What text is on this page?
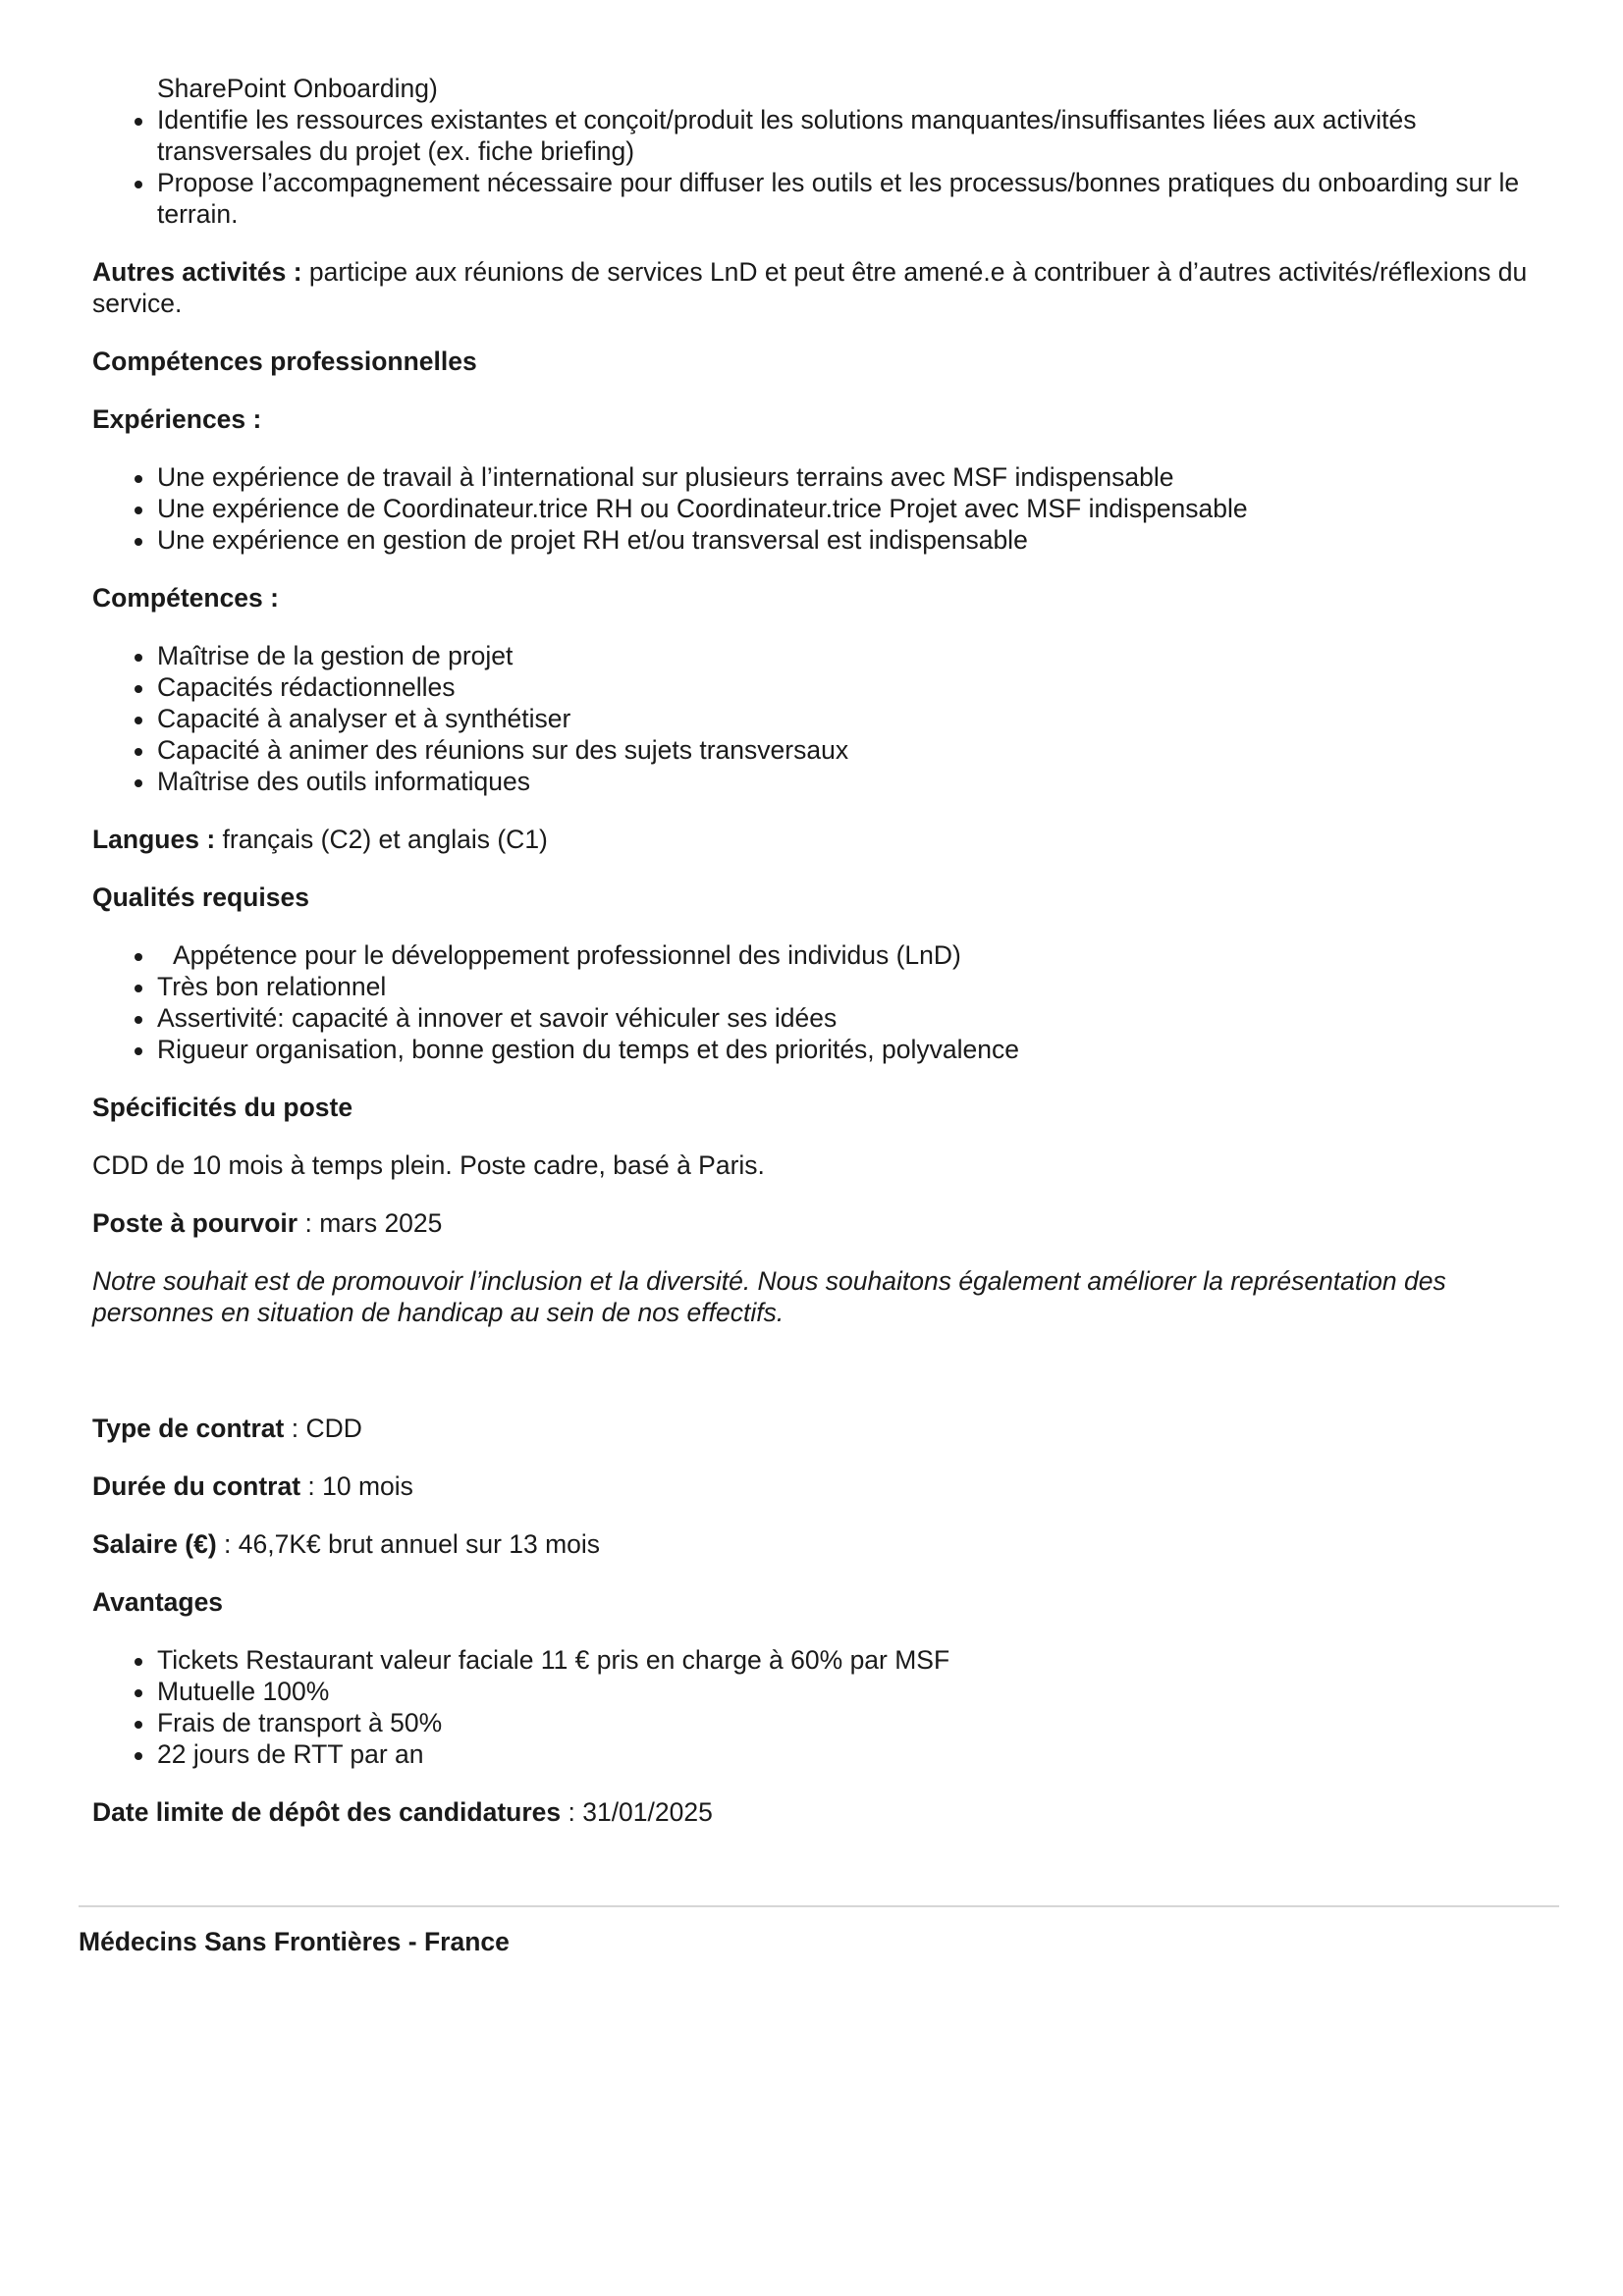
SharePoint Onboarding)

Identifie les ressources existantes et conçoit/produit les solutions manquantes/insuffisantes liées aux activités transversales du projet (ex. fiche briefing)
Propose l’accompagnement nécessaire pour diffuser les outils et les processus/bonnes pratiques du onboarding sur le terrain.

Autres activités : participe aux réunions de services LnD et peut être amené.e à contribuer à d’autres activités/réflexions du service.

Compétences professionnelles

Expériences :

Une expérience de travail à l’international sur plusieurs terrains avec MSF indispensable
Une expérience de Coordinateur.trice RH ou Coordinateur.trice Projet avec MSF indispensable
Une expérience en gestion de projet RH et/ou transversal est indispensable

Compétences :

Maîtrise de la gestion de projet
Capacités rédactionnelles
Capacité à analyser et à synthétiser
Capacité à animer des réunions sur des sujets transversaux
Maîtrise des outils informatiques

Langues : français (C2) et anglais (C1)

Qualités requises

Appétence pour le développement professionnel des individus (LnD)
Très bon relationnel
Assertivité: capacité à innover et savoir véhiculer ses idées
Rigueur organisation, bonne gestion du temps et des priorités, polyvalence

Spécificités du poste

CDD de 10 mois à temps plein. Poste cadre, basé à Paris.

Poste à pourvoir : mars 2025

Notre souhait est de promouvoir l’inclusion et la diversité. Nous souhaitons également améliorer la représentation des personnes en situation de handicap au sein de nos effectifs.

Type de contrat : CDD

Durée du contrat : 10 mois

Salaire (€) : 46,7K€ brut annuel sur 13 mois

Avantages

Tickets Restaurant valeur faciale 11 € pris en charge à 60% par MSF
Mutuelle 100%
Frais de transport à 50%
22 jours de RTT par an

Date limite de dépôt des candidatures : 31/01/2025

Médecins Sans Frontières - France
